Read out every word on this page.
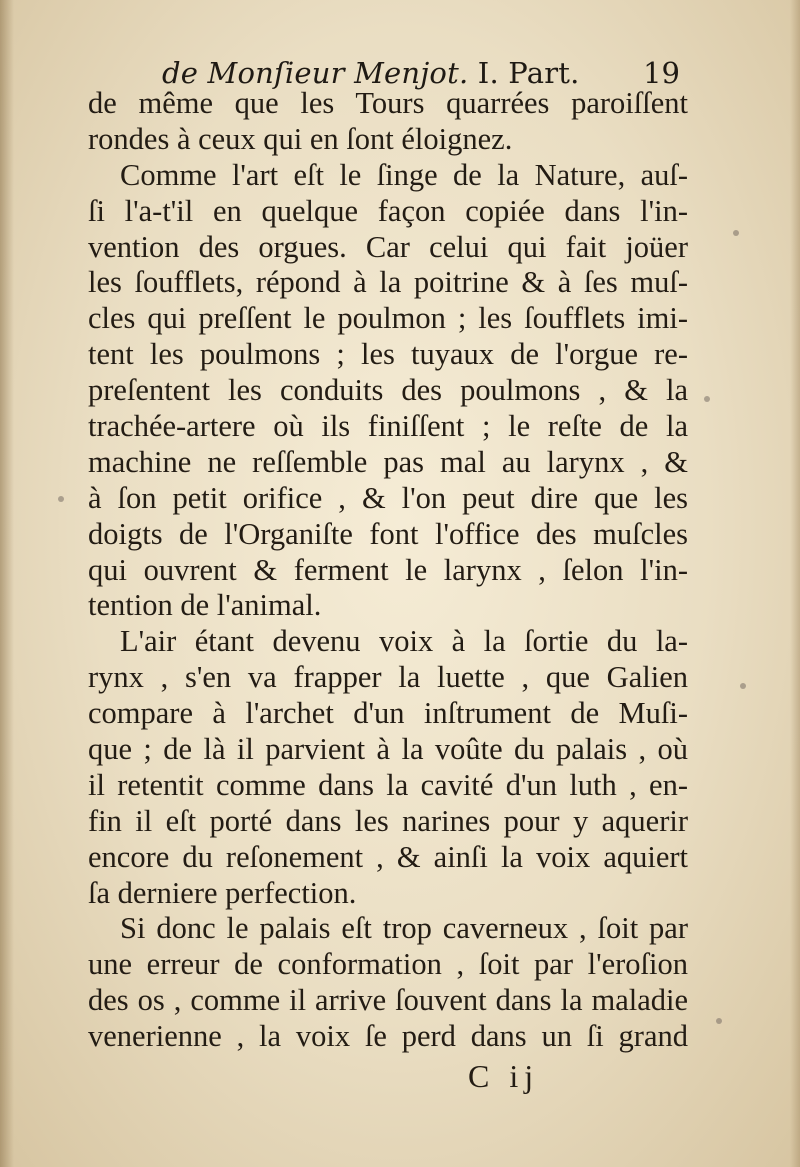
de Monſieur Menjot. I. Part. 19
de même que les Tours quarrées paroiſſent
rondes à ceux qui en ſont éloignez.
Comme l'art eſt le ſinge de la Nature, auſ-
ſi l'a-t'il en quelque façon copiée dans l'in-
vention des orgues. Car celui qui fait joüer
les ſoufflets, répond à la poitrine & à ſes muſ-
cles qui preſſent le poulmon ; les ſoufflets imi-
tent les poulmons ; les tuyaux de l'orgue re-
preſentent les conduits des poulmons , & la
trachée-artere où ils finiſſent ; le reſte de la
machine ne reſſemble pas mal au larynx , &
à ſon petit orifice , & l'on peut dire que les
doigts de l'Organiſte font l'office des muſcles
qui ouvrent & ferment le larynx , ſelon l'in-
tention de l'animal.
L'air étant devenu voix à la ſortie du la-
rynx , s'en va frapper la luette , que Galien
compare à l'archet d'un inſtrument de Muſi-
que ; de là il parvient à la voûte du palais , où
il retentit comme dans la cavité d'un luth , en-
fin il eſt porté dans les narines pour y aquerir
encore du reſonement , & ainſi la voix aquiert
ſa derniere perfection.
Si donc le palais eſt trop caverneux , ſoit par
une erreur de conformation , ſoit par l'eroſion
des os , comme il arrive ſouvent dans la maladie
venerienne , la voix ſe perd dans un ſi grand
C ij
